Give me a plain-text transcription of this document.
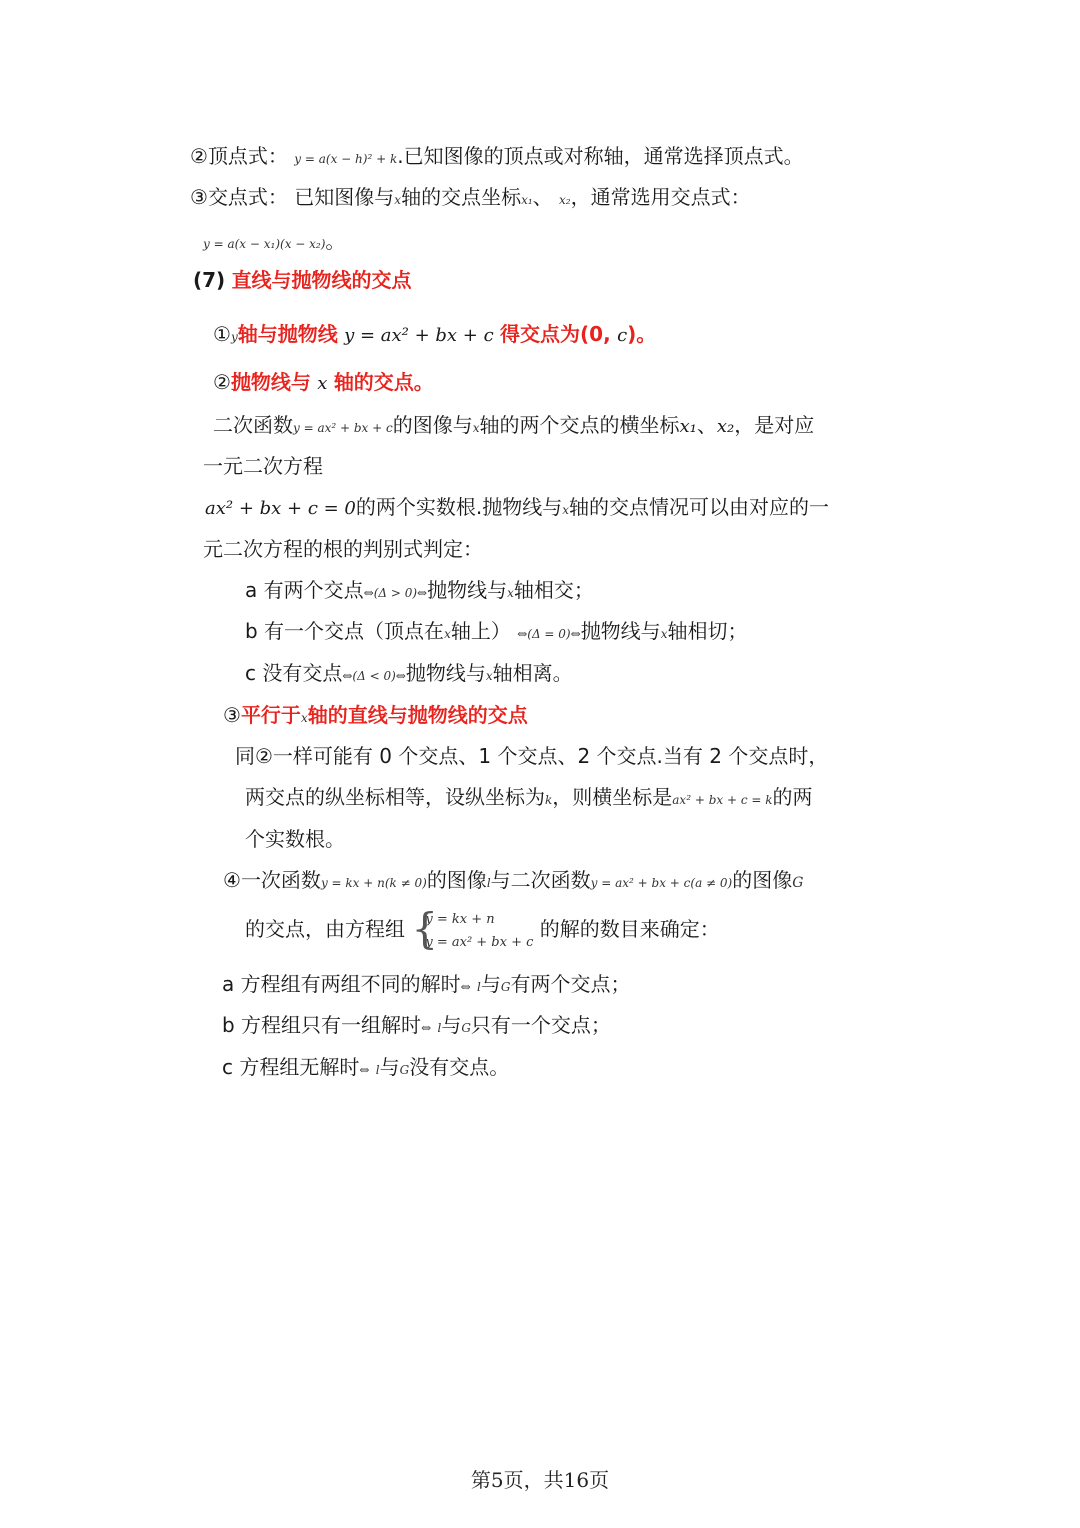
②顶点式： y = a(x − h)² + k.已知图像的顶点或对称轴，通常选择顶点式。
③交点式： 已知图像与x轴的交点坐标x₁、 x₂，通常选用交点式：
y = a(x − x₁)(x − x₂)。
(7) 直线与抛物线的交点
①y轴与抛物线 y = ax² + bx + c 得交点为(0, c)。
②抛物线与 x 轴的交点。
二次函数y = ax² + bx + c的图像与x轴的两个交点的横坐标x₁、x₂，是对应
一元二次方程
ax² + bx + c = 0的两个实数根.抛物线与x轴的交点情况可以由对应的一
元二次方程的根的判别式判定：
a 有两个交点⇔(Δ > 0)⇔抛物线与x轴相交；
b 有一个交点（顶点在x轴上） ⇔(Δ = 0)⇔抛物线与x轴相切；
c 没有交点⇔(Δ < 0)⇔抛物线与x轴相离。
③平行于x轴的直线与抛物线的交点
同②一样可能有 0 个交点、1 个交点、2 个交点.当有 2 个交点时，
两交点的纵坐标相等，设纵坐标为k，则横坐标是ax² + bx + c = k的两
个实数根。
④一次函数y = kx + n(k ≠ 0)的图像l与二次函数y = ax² + bx + c(a ≠ 0)的图像G
的交点，由方程组 {
y = kx + n
y = ax² + bx + c
的解的数目来确定：
a 方程组有两组不同的解时⇔ l与G有两个交点；
b 方程组只有一组解时⇔ l与G只有一个交点；
c 方程组无解时⇔ l与G没有交点。
第5页，共16页
